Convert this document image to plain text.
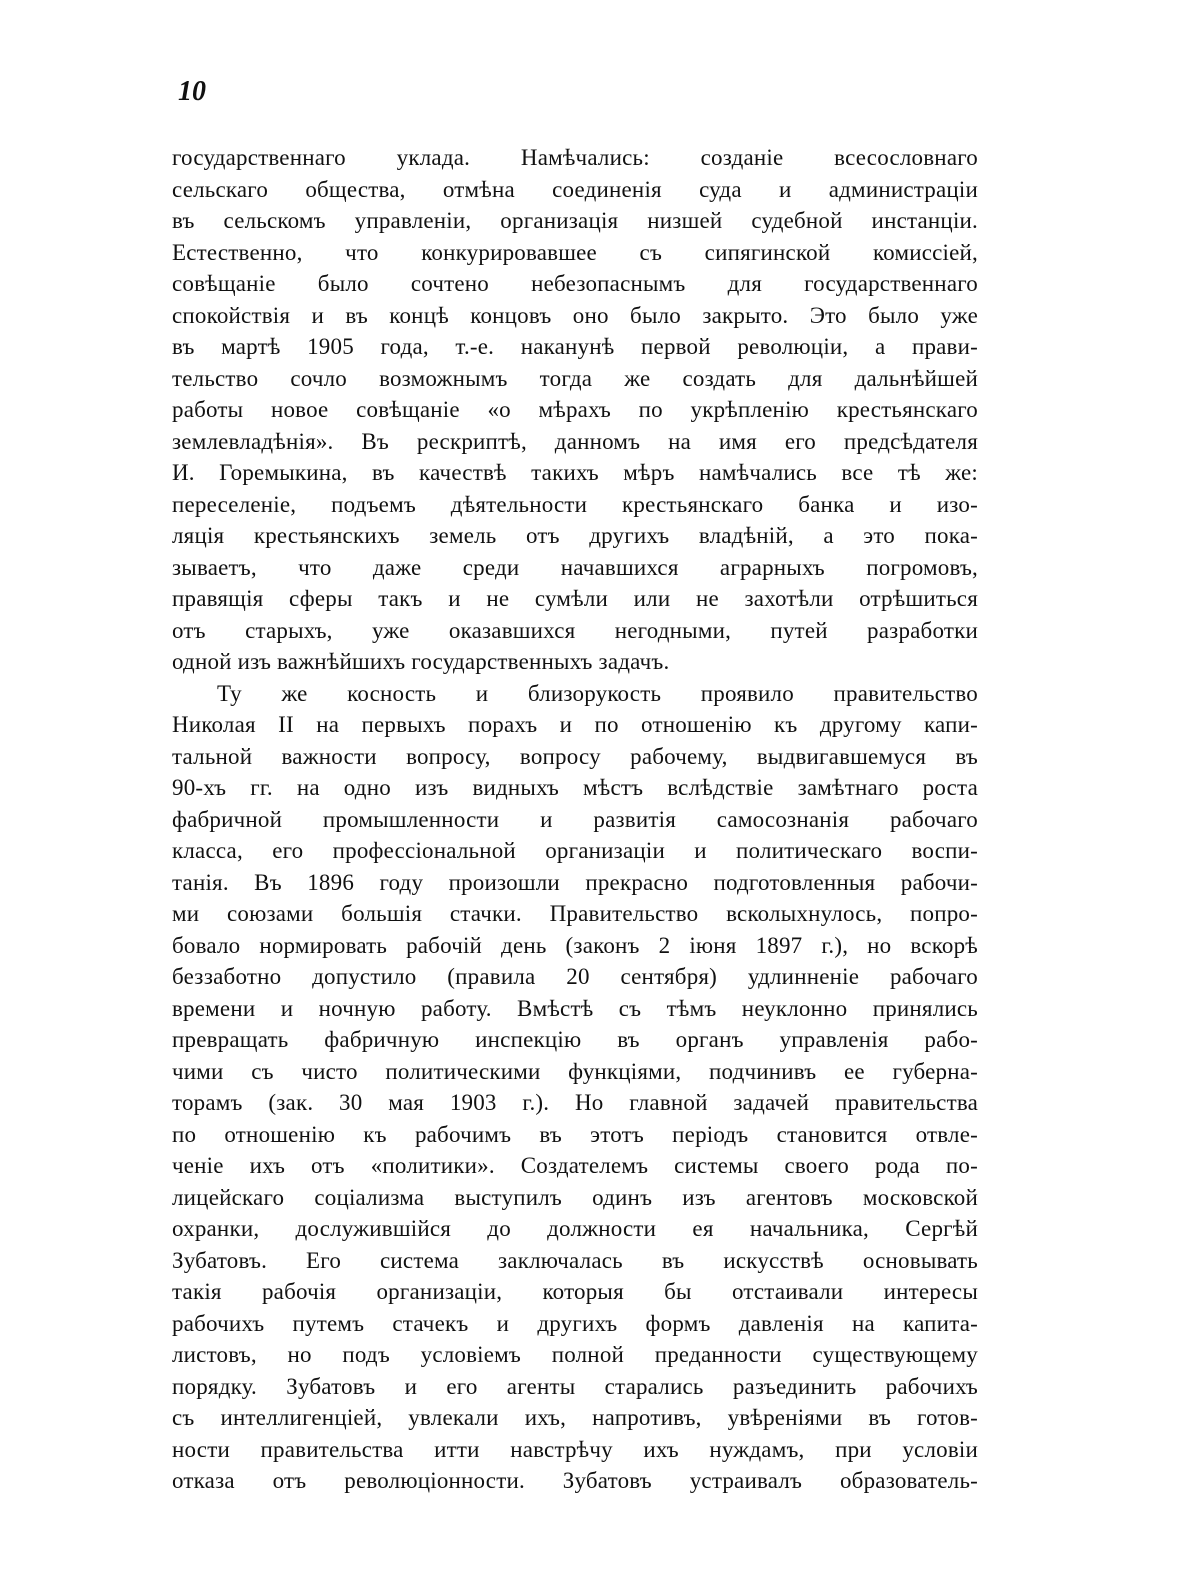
10
государственнаго уклада. Намѣчались: созданіе всесословнаго
сельскаго общества, отмѣна соединенія суда и администраціи
въ сельскомъ управленіи, организація низшей судебной инстанціи.
Естественно, что конкурировавшее съ сипягинской комиссіей,
совѣщаніе было сочтено небезопаснымъ для государственнаго
спокойствія и въ концѣ концовъ оно было закрыто. Это было уже
въ мартѣ 1905 года, т.-е. наканунѣ первой революціи, а прави-
тельство сочло возможнымъ тогда же создать для дальнѣйшей
работы новое совѣщаніе «о мѣрахъ по укрѣпленію крестьянскаго
землевладѣнія». Въ рескриптѣ, данномъ на имя его предсѣдателя
И. Горемыкина, въ качествѣ такихъ мѣръ намѣчались все тѣ же:
переселеніе, подъемъ дѣятельности крестьянскаго банка и изо-
ляція крестьянскихъ земель отъ другихъ владѣній, а это пока-
зываетъ, что даже среди начавшихся аграрныхъ погромовъ,
правящія сферы такъ и не сумѣли или не захотѣли отрѣшиться
отъ старыхъ, уже оказавшихся негодными, путей разработки
одной изъ важнѣйшихъ государственныхъ задачъ.
Ту же косность и близорукость проявило правительство
Николая II на первыхъ порахъ и по отношенію къ другому капи-
тальной важности вопросу, вопросу рабочему, выдвигавшемуся въ
90-хъ гг. на одно изъ видныхъ мѣстъ вслѣдствіе замѣтнаго роста
фабричной промышленности и развитія самосознанія рабочаго
класса, его профессіональной организаціи и политическаго воспи-
танія. Въ 1896 году произошли прекрасно подготовленныя рабочи-
ми союзами большія стачки. Правительство всколыхнулось, попро-
бовало нормировать рабочій день (законъ 2 іюня 1897 г.), но вскорѣ
беззаботно допустило (правила 20 сентября) удлинненіе рабочаго
времени и ночную работу. Вмѣстѣ съ тѣмъ неуклонно принялись
превращать фабричную инспекцію въ органъ управленія рабо-
чими съ чисто политическими функціями, подчинивъ ее губерна-
торамъ (зак. 30 мая 1903 г.). Но главной задачей правительства
по отношенію къ рабочимъ въ этотъ періодъ становится отвле-
ченіе ихъ отъ «политики». Создателемъ системы своего рода по-
лицейскаго соціализма выступилъ одинъ изъ агентовъ московской
охранки, дослужившійся до должности ея начальника, Сергѣй
Зубатовъ. Его система заключалась въ искусствѣ основывать
такія рабочія организаціи, которыя бы отстаивали интересы
рабочихъ путемъ стачекъ и другихъ формъ давленія на капита-
листовъ, но подъ условіемъ полной преданности существующему
порядку. Зубатовъ и его агенты старались разъединить рабочихъ
съ интеллигенціей, увлекали ихъ, напротивъ, увѣреніями въ готов-
ности правительства итти навстрѣчу ихъ нуждамъ, при условіи
отказа отъ революціонности. Зубатовъ устраивалъ образователь-
